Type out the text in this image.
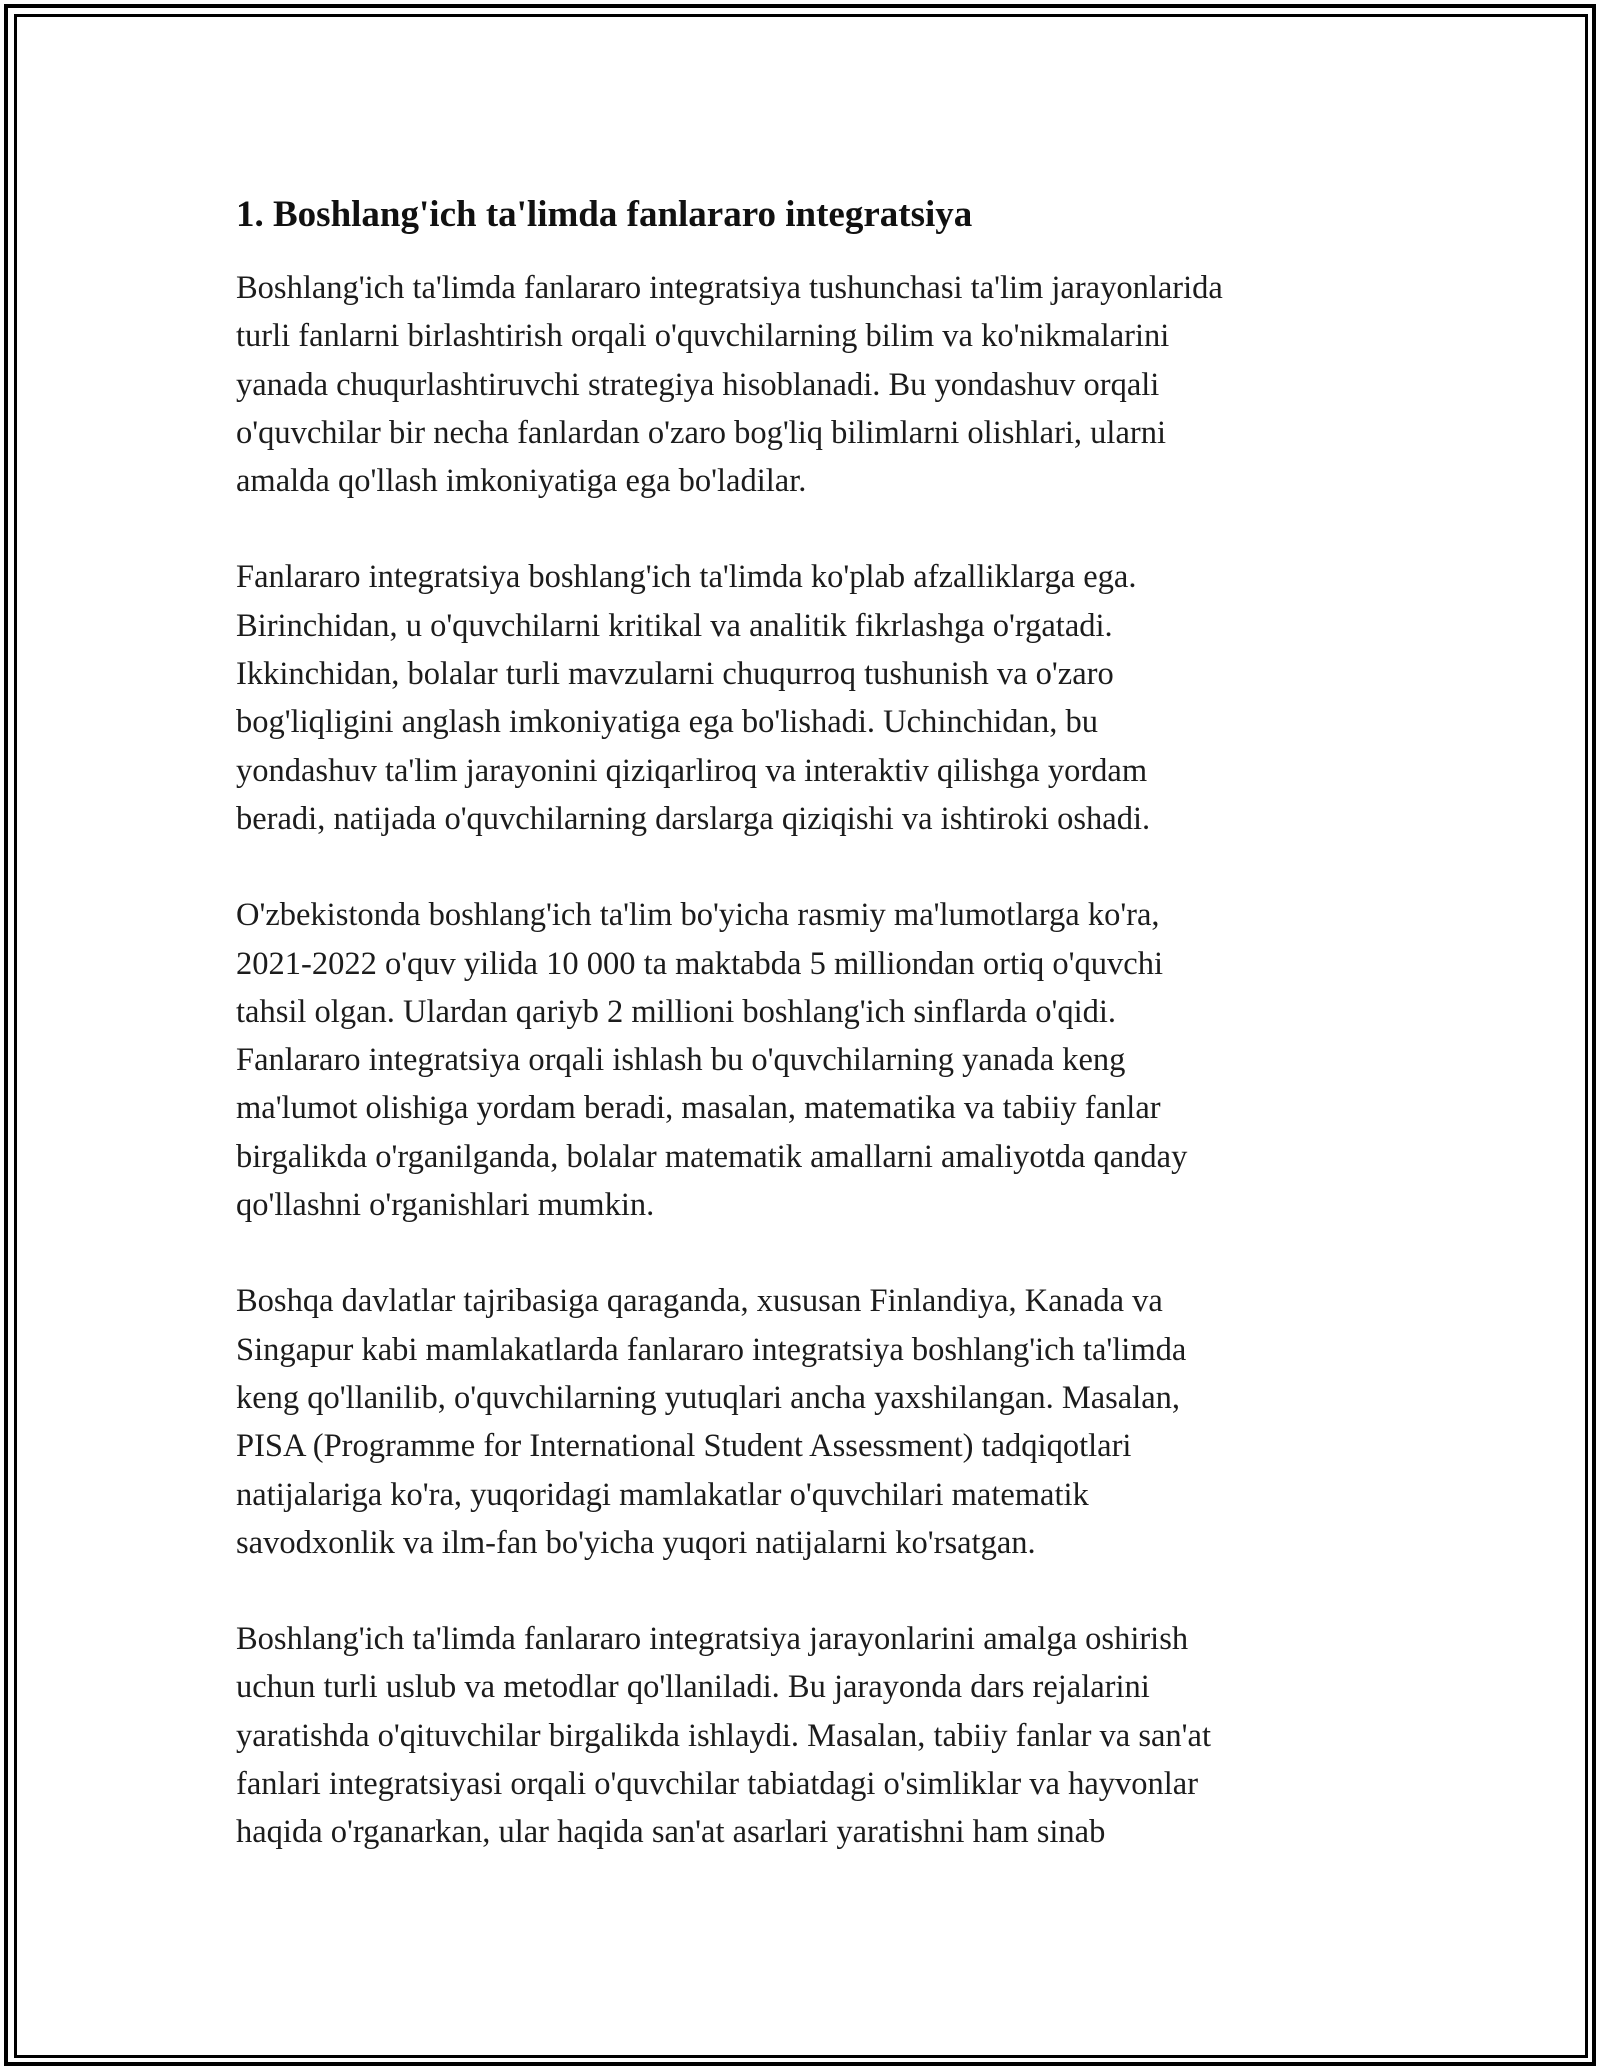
1. Boshlang'ich ta'limda fanlararo integratsiya

Boshlang'ich ta'limda fanlararo integratsiya tushunchasi ta'lim jarayonlarida
turli fanlarni birlashtirish orqali o'quvchilarning bilim va ko'nikmalarini
yanada chuqurlashtiruvchi strategiya hisoblanadi. Bu yondashuv orqali
o'quvchilar bir necha fanlardan o'zaro bog'liq bilimlarni olishlari, ularni
amalda qo'llash imkoniyatiga ega bo'ladilar.

Fanlararo integratsiya boshlang'ich ta'limda ko'plab afzalliklarga ega.
Birinchidan, u o'quvchilarni kritikal va analitik fikrlashga o'rgatadi.
Ikkinchidan, bolalar turli mavzularni chuqurroq tushunish va o'zaro
bog'liqligini anglash imkoniyatiga ega bo'lishadi. Uchinchidan, bu
yondashuv ta'lim jarayonini qiziqarliroq va interaktiv qilishga yordam
beradi, natijada o'quvchilarning darslarga qiziqishi va ishtiroki oshadi.

O'zbekistonda boshlang'ich ta'lim bo'yicha rasmiy ma'lumotlarga ko'ra,
2021-2022 o'quv yilida 10 000 ta maktabda 5 milliondan ortiq o'quvchi
tahsil olgan. Ulardan qariyb 2 millioni boshlang'ich sinflarda o'qidi.
Fanlararo integratsiya orqali ishlash bu o'quvchilarning yanada keng
ma'lumot olishiga yordam beradi, masalan, matematika va tabiiy fanlar
birgalikda o'rganilganda, bolalar matematik amallarni amaliyotda qanday
qo'llashni o'rganishlari mumkin.

Boshqa davlatlar tajribasiga qaraganda, xususan Finlandiya, Kanada va
Singapur kabi mamlakatlarda fanlararo integratsiya boshlang'ich ta'limda
keng qo'llanilib, o'quvchilarning yutuqlari ancha yaxshilangan. Masalan,
PISA (Programme for International Student Assessment) tadqiqotlari
natijalariga ko'ra, yuqoridagi mamlakatlar o'quvchilari matematik
savodxonlik va ilm-fan bo'yicha yuqori natijalarni ko'rsatgan.

Boshlang'ich ta'limda fanlararo integratsiya jarayonlarini amalga oshirish
uchun turli uslub va metodlar qo'llaniladi. Bu jarayonda dars rejalarini
yaratishda o'qituvchilar birgalikda ishlaydi. Masalan, tabiiy fanlar va san'at
fanlari integratsiyasi orqali o'quvchilar tabiatdagi o'simliklar va hayvonlar
haqida o'rganarkan, ular haqida san'at asarlari yaratishni ham sinab
